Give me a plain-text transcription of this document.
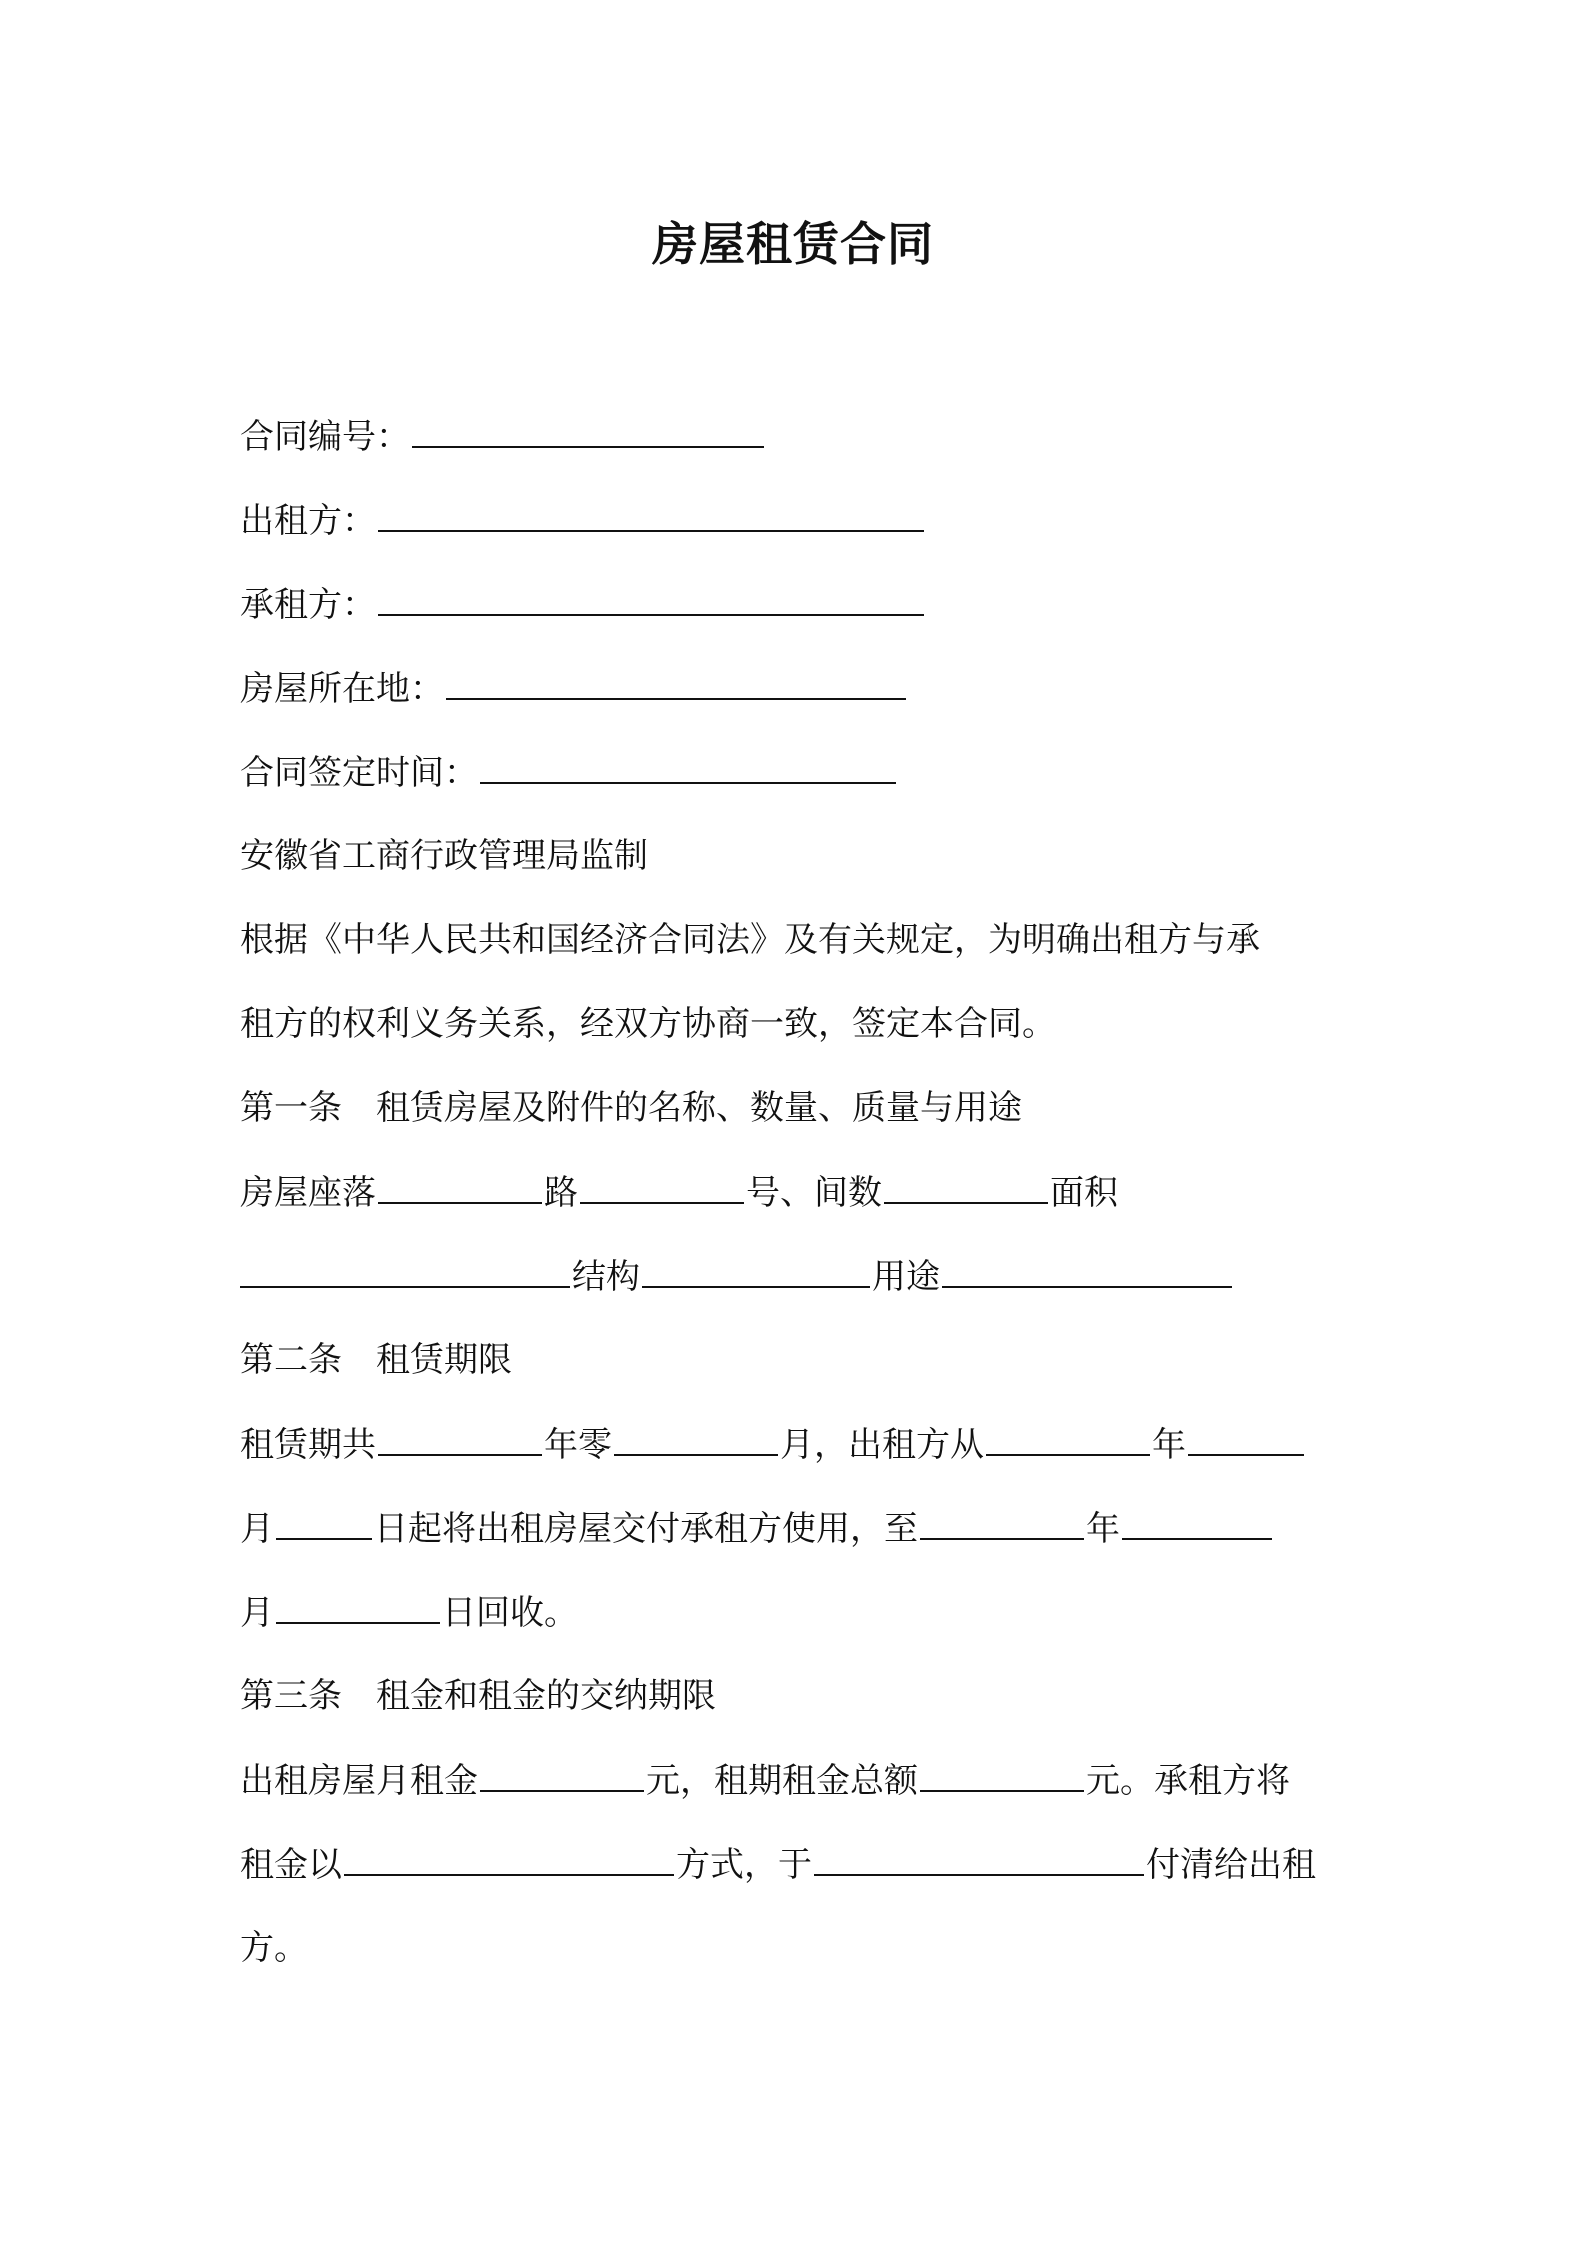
房屋租赁合同
合同编号：
出租方：
承租方：
房屋所在地：
合同签定时间：
安徽省工商行政管理局监制
根据《中华人民共和国经济合同法》及有关规定，为明确出租方与承
租方的权利义务关系，经双方协商一致，签定本合同。
第一条　租赁房屋及附件的名称、数量、质量与用途
房屋座落	路	号、间数	面积
结构	用途
第二条　租赁期限
租赁期共	年零	月，出租方从	年
月	日起将出租房屋交付承租方使用，至	年
月	日回收。
第三条　租金和租金的交纳期限
出租房屋月租金	元，租期租金总额	元。承租方将
租金以	方式，于	付清给出租
方。
